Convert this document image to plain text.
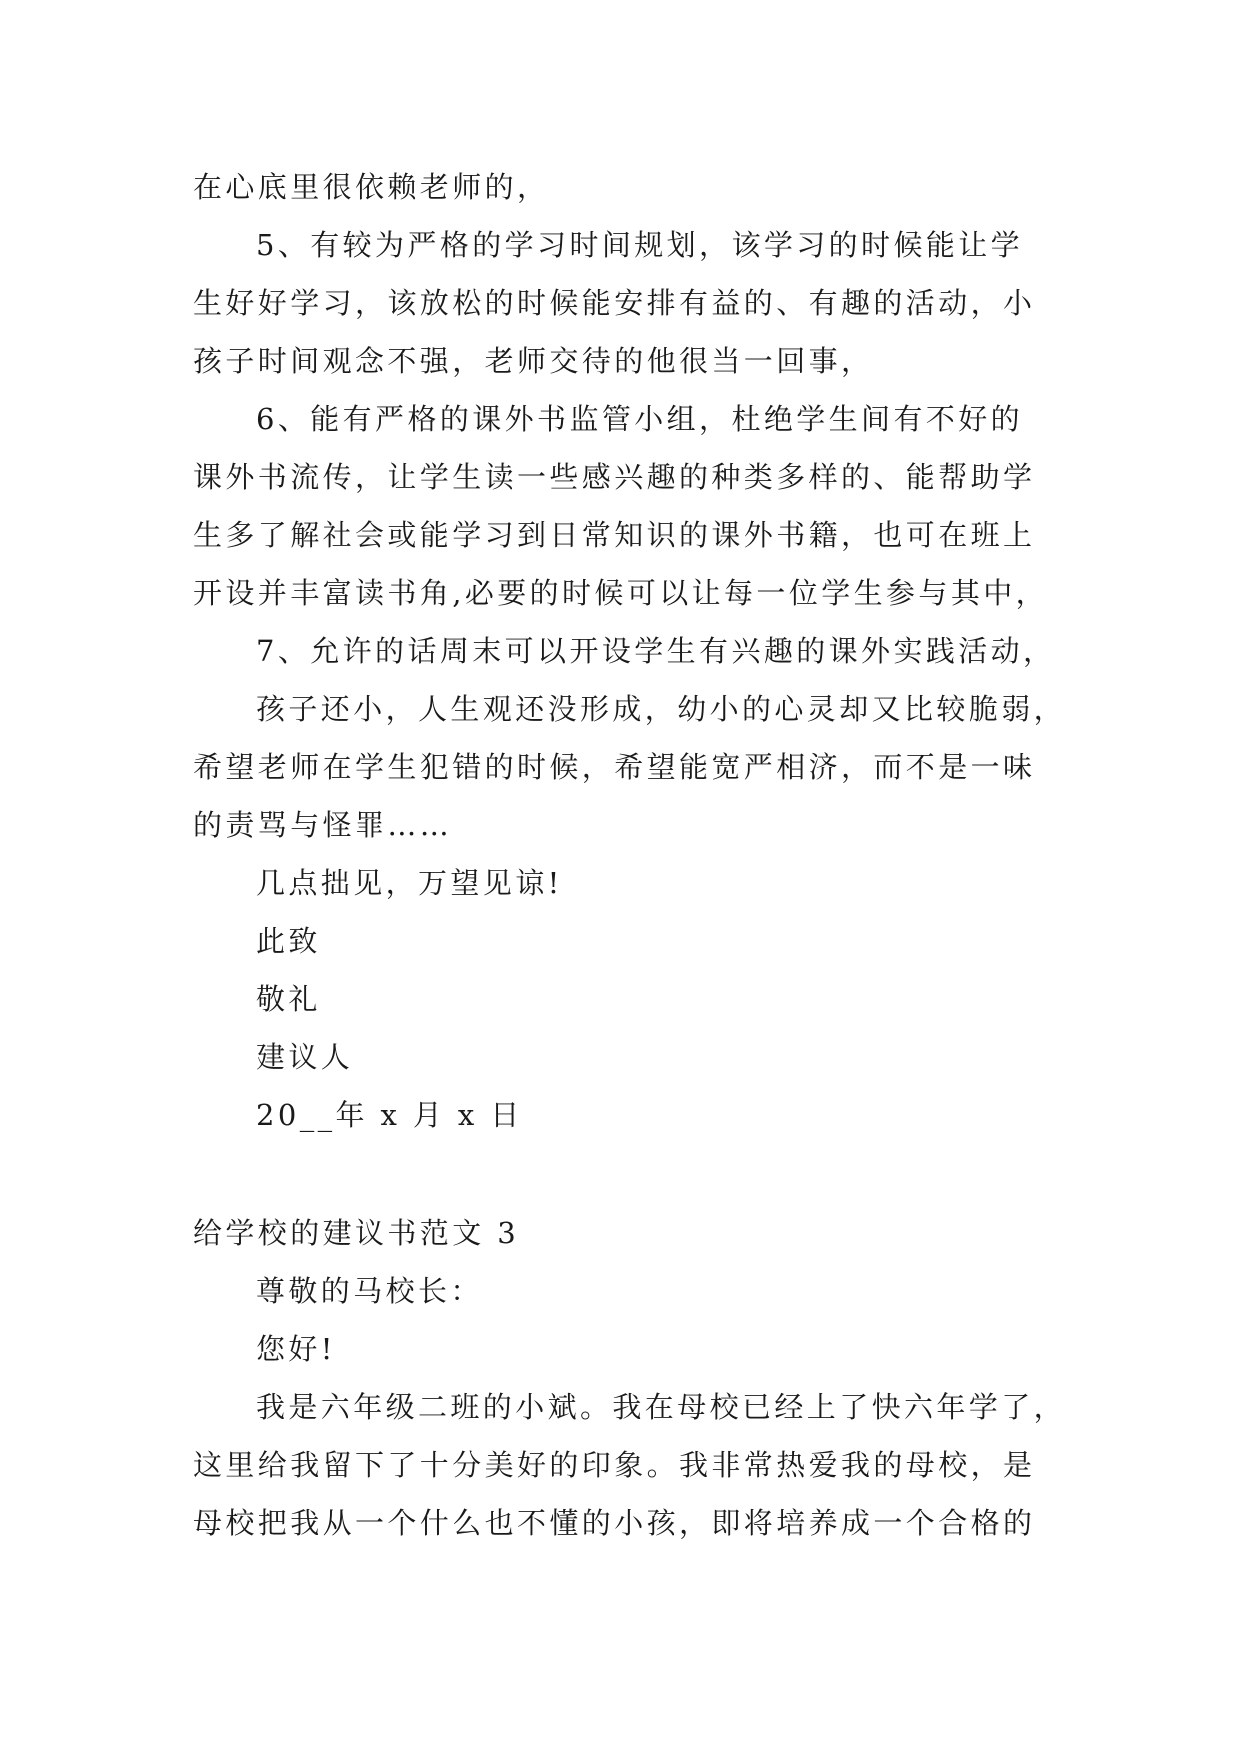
在心底里很依赖老师的，
5、有较为严格的学习时间规划，该学习的时候能让学
生好好学习，该放松的时候能安排有益的、有趣的活动，小
孩子时间观念不强，老师交待的他很当一回事，
6、能有严格的课外书监管小组，杜绝学生间有不好的
课外书流传，让学生读一些感兴趣的种类多样的、能帮助学
生多了解社会或能学习到日常知识的课外书籍，也可在班上
开设并丰富读书角,必要的时候可以让每一位学生参与其中，
7、允许的话周末可以开设学生有兴趣的课外实践活动，
孩子还小，人生观还没形成，幼小的心灵却又比较脆弱，
希望老师在学生犯错的时候，希望能宽严相济，而不是一味
的责骂与怪罪……
几点拙见，万望见谅!
此致
敬礼
建议人
20__年 x 月 x 日
给学校的建议书范文 3
尊敬的马校长：
您好!
我是六年级二班的小斌。我在母校已经上了快六年学了，
这里给我留下了十分美好的印象。我非常热爱我的母校，是
母校把我从一个什么也不懂的小孩，即将培养成一个合格的
